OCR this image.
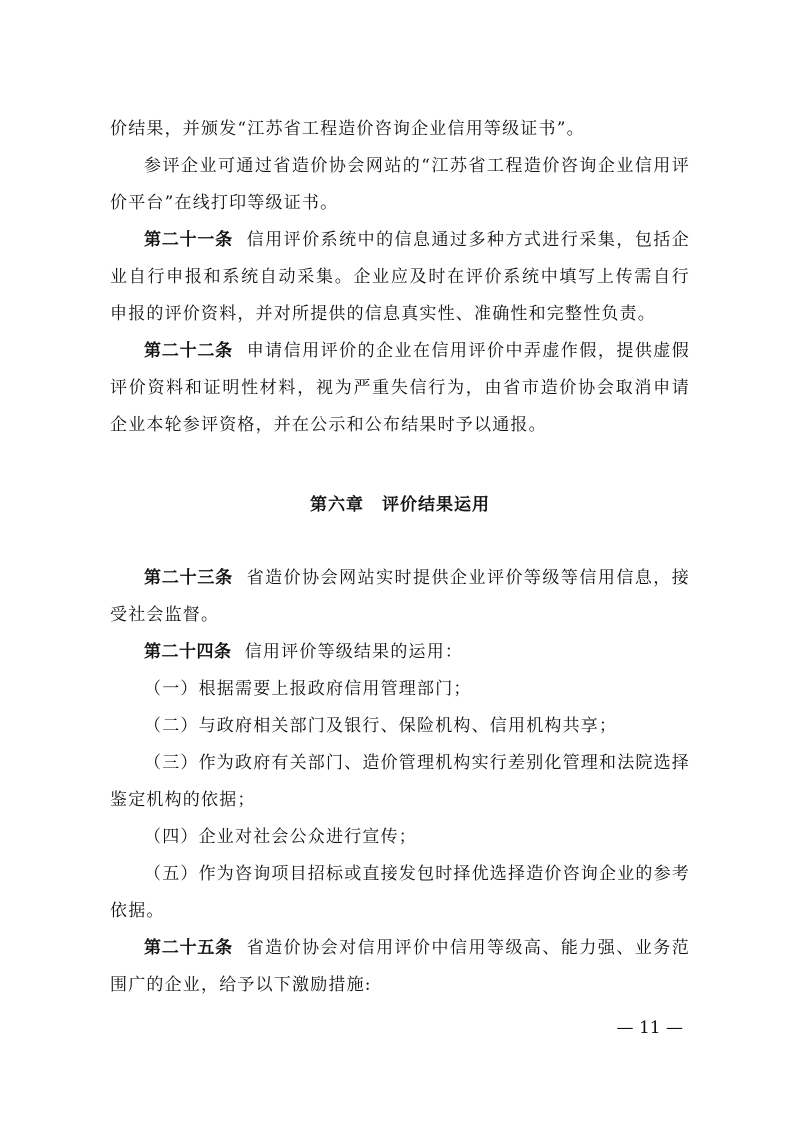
价结果，并颁发“江苏省工程造价咨询企业信用等级证书”。

参评企业可通过省造价协会网站的“江苏省工程造价咨询企业信用评价平台”在线打印等级证书。

第二十一条 信用评价系统中的信息通过多种方式进行采集，包括企业自行申报和系统自动采集。企业应及时在评价系统中填写上传需自行申报的评价资料，并对所提供的信息真实性、准确性和完整性负责。

第二十二条 申请信用评价的企业在信用评价中弄虚作假，提供虚假评价资料和证明性材料，视为严重失信行为，由省市造价协会取消申请企业本轮参评资格，并在公示和公布结果时予以通报。

第六章　评价结果运用

第二十三条 省造价协会网站实时提供企业评价等级等信用信息，接受社会监督。

第二十四条 信用评价等级结果的运用：

（一）根据需要上报政府信用管理部门；

（二）与政府相关部门及银行、保险机构、信用机构共享；

（三）作为政府有关部门、造价管理机构实行差别化管理和法院选择鉴定机构的依据；

（四）企业对社会公众进行宣传；

（五）作为咨询项目招标或直接发包时择优选择造价咨询企业的参考依据。

第二十五条 省造价协会对信用评价中信用等级高、能力强、业务范围广的企业，给予以下激励措施:

— 11 —
